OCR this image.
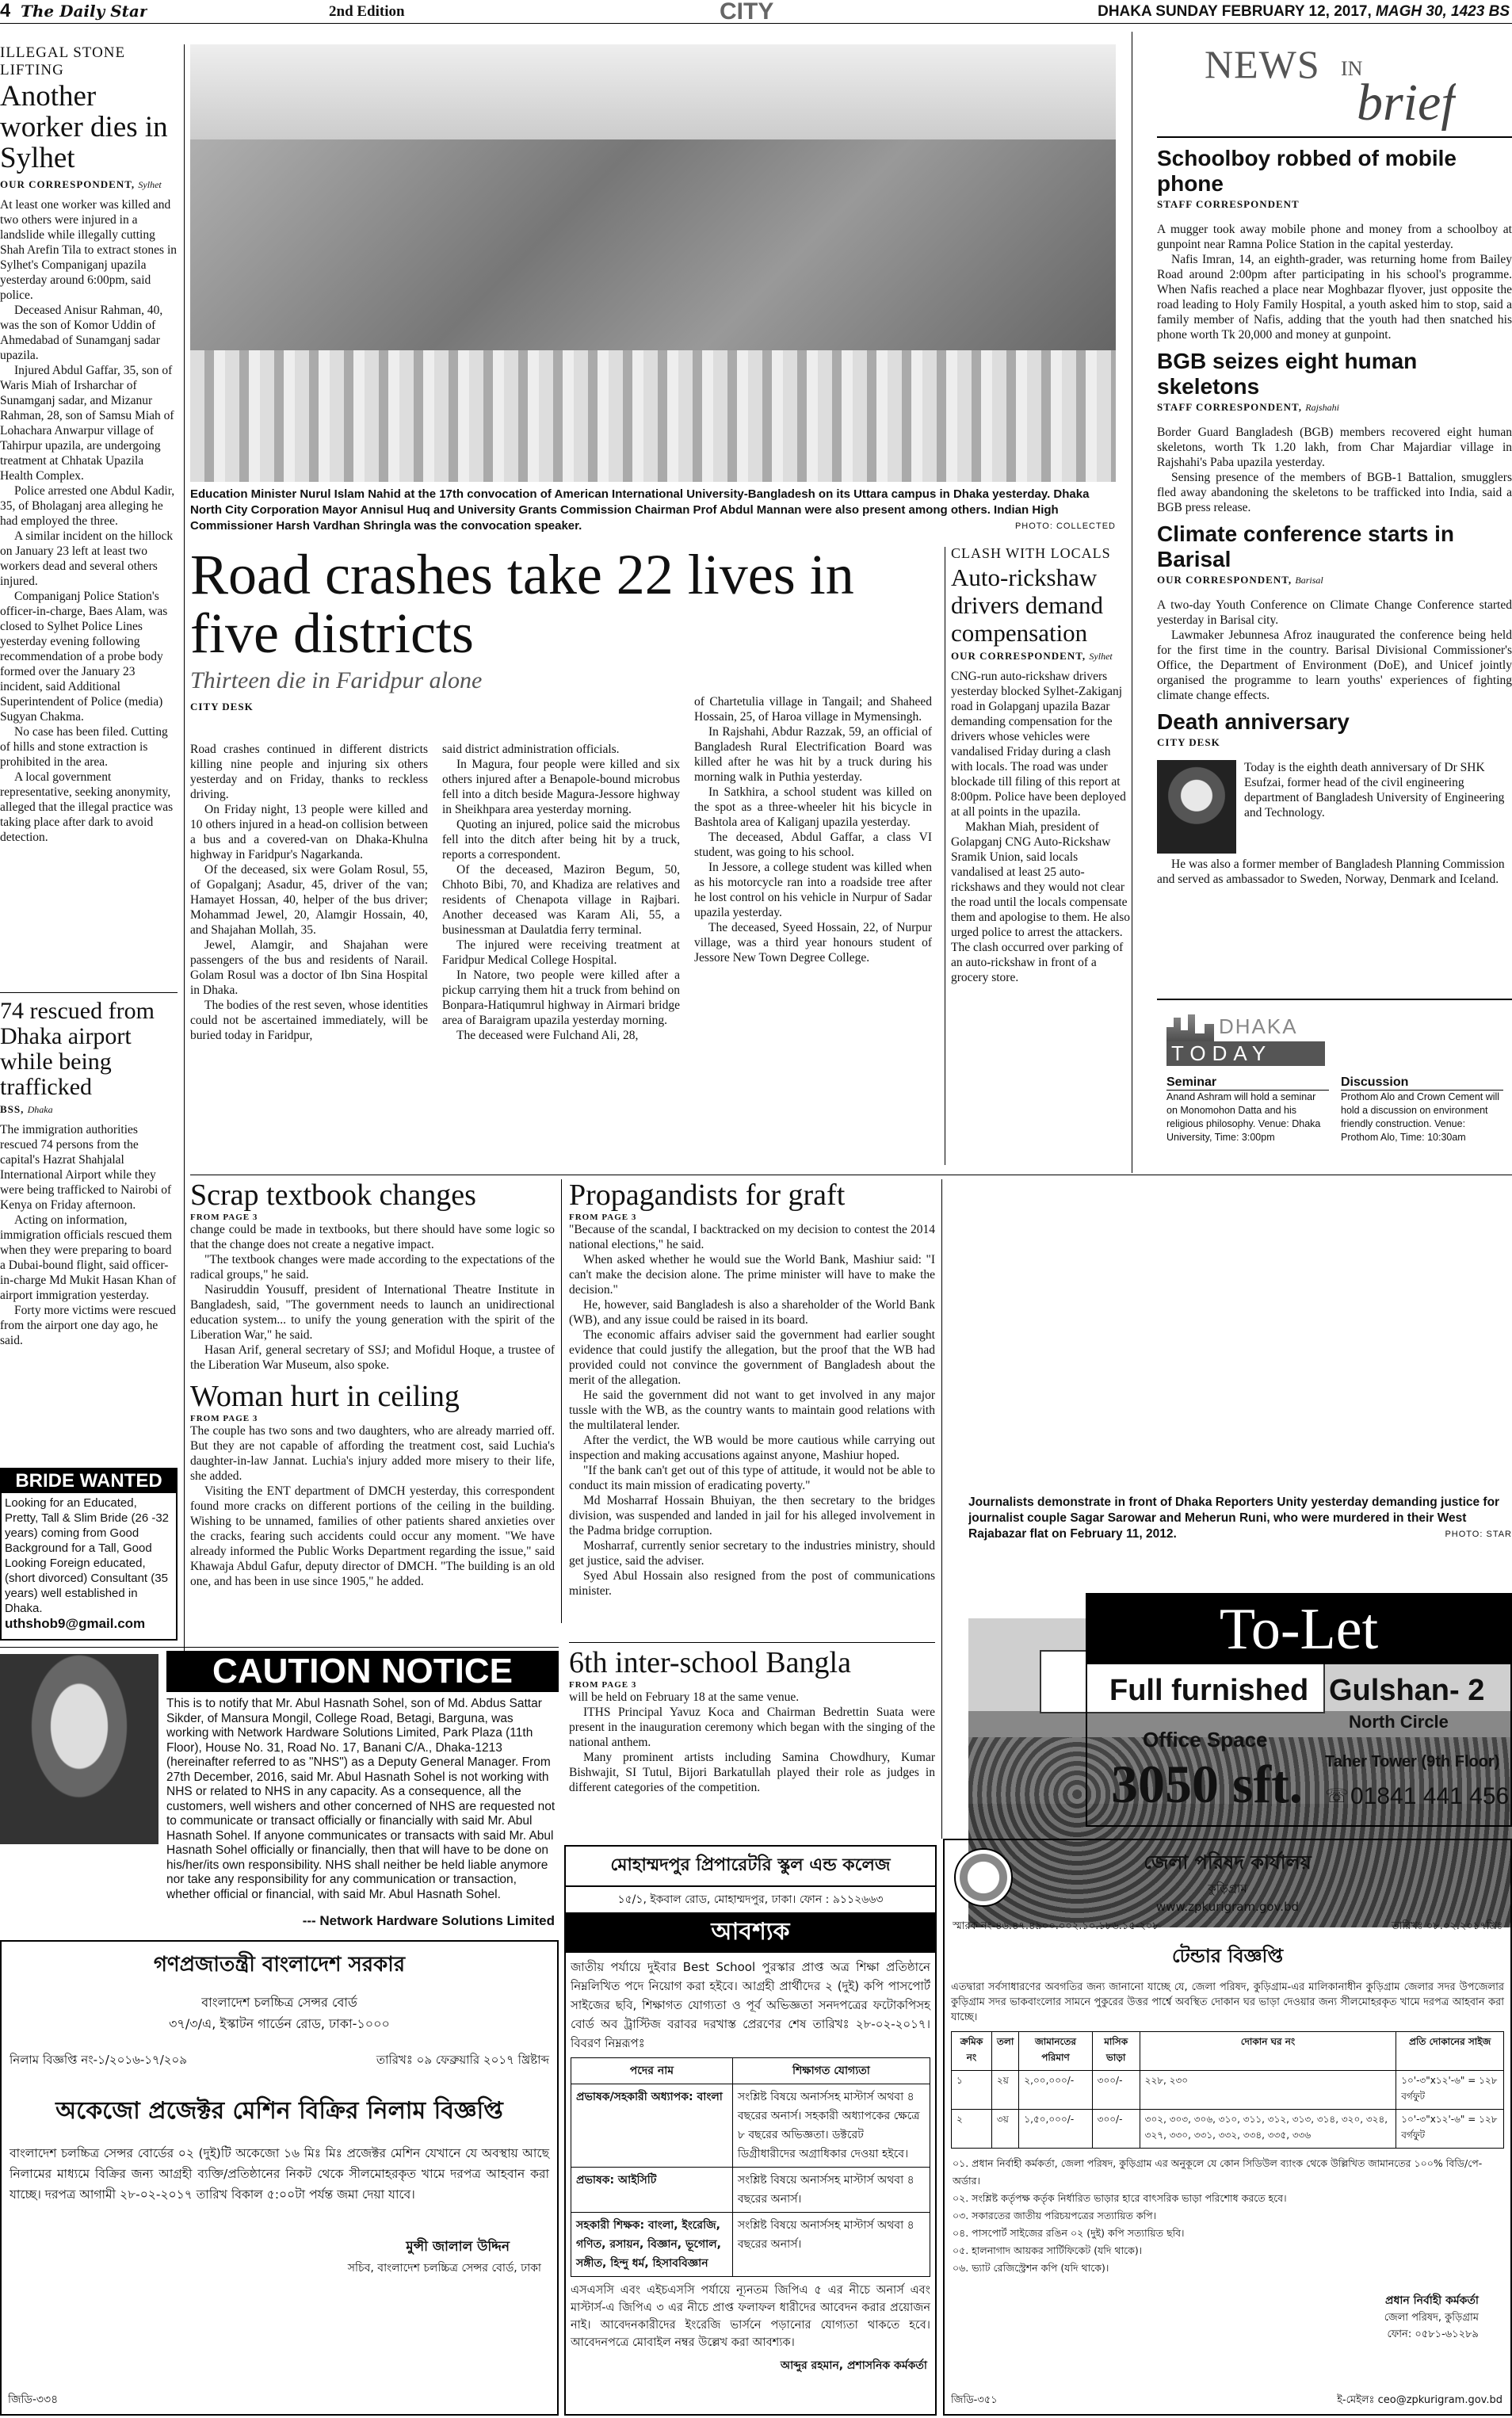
4 The Daily Star	2nd Edition	CITY	DHAKA SUNDAY FEBRUARY 12, 2017, MAGH 30, 1423 BS
ILLEGAL STONE LIFTING
Another worker dies in Sylhet
OUR CORRESPONDENT, Sylhet

At least one worker was killed and two others were injured in a landslide while illegally cutting Shah Arefin Tila to extract stones in Sylhet's Companiganj upazila yesterday around 6:00pm, said police.

Deceased Anisur Rahman, 40, was the son of Komor Uddin of Ahmedabad of Sunamganj sadar upazila.

Injured Abdul Gaffar, 35, son of Waris Miah of Irsharchar of Sunamganj sadar, and Mizanur Rahman, 28, son of Samsu Miah of Lohachara Anwarpur village of Tahirpur upazila, are undergoing treatment at Chhatak Upazila Health Complex.

Police arrested one Abdul Kadir, 35, of Bholaganj area alleging he had employed the three.

A similar incident on the hillock on January 23 left at least two workers dead and several others injured.

Companiganj Police Station's officer-in-charge, Baes Alam, was closed to Sylhet Police Lines yesterday evening following recommendation of a probe body formed over the January 23 incident, said Additional Superintendent of Police (media) Sugyan Chakma.

No case has been filed. Cutting of hills and stone extraction is prohibited in the area.

A local government representative, seeking anonymity, alleged that the illegal practice was taking place after dark to avoid detection.

74 rescued from Dhaka airport while being trafficked
BSS, Dhaka

The immigration authorities rescued 74 persons from the capital's Hazrat Shahjalal International Airport while they were being trafficked to Nairobi of Kenya on Friday afternoon.

Acting on information, immigration officials rescued them when they were preparing to board a Dubai-bound flight, said officer-in-charge Md Mukit Hasan Khan of airport immigration yesterday.

Forty more victims were rescued from the airport one day ago, he said.

BRIDE WANTED
Looking for an Educated, Pretty, Tall & Slim Bride (26 -32 years) coming from Good Background for a Tall, Good Looking Foreign educated, (short divorced) Consultant (35 years) well established in Dhaka.
uthshob9@gmail.com
Education Minister Nurul Islam Nahid at the 17th convocation of American International University-Bangladesh on its Uttara campus in Dhaka yesterday. Dhaka North City Corporation Mayor Annisul Huq and University Grants Commission Chairman Prof Abdul Mannan were also present among others. Indian High Commissioner Harsh Vardhan Shringla was the convocation speaker.	PHOTO: COLLECTED
Road crashes take 22 lives in five districts
Thirteen die in Faridpur alone
CITY DESK

Road crashes continued in different districts killing nine people and injuring six others yesterday and on Friday, thanks to reckless driving.

On Friday night, 13 people were killed and 10 others injured in a head-on collision between a bus and a covered-van on Dhaka-Khulna highway in Faridpur's Nagarkanda.

Of the deceased, six were Golam Rosul, 55, of Gopalganj; Asadur, 45, driver of the van; Hamayet Hossan, 40, helper of the bus driver; Mohammad Jewel, 20, Alamgir Hossain, 40, and Shajahan Mollah, 35.

Jewel, Alamgir, and Shajahan were passengers of the bus and residents of Narail. Golam Rosul was a doctor of Ibn Sina Hospital in Dhaka.

The bodies of the rest seven, whose identities could not be ascertained immediately, will be buried today in Faridpur,

said district administration officials.

In Magura, four people were killed and six others injured after a Benapole-bound microbus fell into a ditch beside Magura-Jessore highway in Sheikhpara area yesterday morning.

Quoting an injured, police said the microbus fell into the ditch after being hit by a truck, reports a correspondent.

Of the deceased, Maziron Begum, 50, Chhoto Bibi, 70, and Khadiza are relatives and residents of Chenapota village in Rajbari. Another deceased was Karam Ali, 55, a businessman at Daulatdia ferry terminal.

The injured were receiving treatment at Faridpur Medical College Hospital.

In Natore, two people were killed after a pickup carrying them hit a truck from behind on Bonpara-Hatiqumrul highway in Airmari bridge area of Baraigram upazila yesterday morning.

The deceased were Fulchand Ali, 28,

of Chartetulia village in Tangail; and Shaheed Hossain, 25, of Haroa village in Mymensingh.

In Rajshahi, Abdur Razzak, 59, an official of Bangladesh Rural Electrification Board was killed after he was hit by a truck during his morning walk in Puthia yesterday.

In Satkhira, a school student was killed on the spot as a three-wheeler hit his bicycle in Bashtola area of Kaliganj upazila yesterday.

The deceased, Abdul Gaffar, a class VI student, was going to his school.

In Jessore, a college student was killed when as his motorcycle ran into a roadside tree after he lost control on his vehicle in Nurpur of Sadar upazila yesterday.

The deceased, Syeed Hossain, 22, of Nurpur village, was a third year honours student of Jessore New Town Degree College.

CLASH WITH LOCALS
Auto-rickshaw drivers demand compensation
OUR CORRESPONDENT, Sylhet

CNG-run auto-rickshaw drivers yesterday blocked Sylhet-Zakiganj road in Golapganj upazila Bazar demanding compensation for the drivers whose vehicles were vandalised Friday during a clash with locals. The road was under blockade till filing of this report at 8:00pm. Police have been deployed at all points in the upazila.

Makhan Miah, president of Golapganj CNG Auto-Rickshaw Sramik Union, said locals vandalised at least 25 auto-rickshaws and they would not clear the road until the locals compensate them and apologise to them. He also urged police to arrest the attackers. The clash occurred over parking of an auto-rickshaw in front of a grocery store.

NEWS IN
brief
Schoolboy robbed of mobile phone
STAFF CORRESPONDENT

A mugger took away mobile phone and money from a schoolboy at gunpoint near Ramna Police Station in the capital yesterday.

Nafis Imran, 14, an eighth-grader, was returning home from Bailey Road around 2:00pm after participating in his school's programme. When Nafis reached a place near Moghbazar flyover, just opposite the road leading to Holy Family Hospital, a youth asked him to stop, said a family member of Nafis, adding that the youth had then snatched his phone worth Tk 20,000 and money at gunpoint.

BGB seizes eight human skeletons
STAFF CORRESPONDENT, Rajshahi

Border Guard Bangladesh (BGB) members recovered eight human skeletons, worth Tk 1.20 lakh, from Char Majardiar village in Rajshahi's Paba upazila yesterday.

Sensing presence of the members of BGB-1 Battalion, smugglers fled away abandoning the skeletons to be trafficked into India, said a BGB press release.

Climate conference starts in Barisal
OUR CORRESPONDENT, Barisal

A two-day Youth Conference on Climate Change Conference started yesterday in Barisal city.

Lawmaker Jebunnesa Afroz inaugurated the conference being held for the first time in the country. Barisal Divisional Commissioner's Office, the Department of Environment (DoE), and Unicef jointly organised the programme to learn youths' experiences of fighting climate change effects.

Death anniversary
CITY DESK
Today is the eighth death anniversary of Dr SHK Esufzai, former head of the civil engineering department of Bangladesh University of Engineering and Technology.
He was also a former member of Bangladesh Planning Commission and served as ambassador to Sweden, Norway, Denmark and Iceland.
DHAKA
TODAY
Seminar
Anand Ashram will hold a seminar on Monomohon Datta and his religious philosophy. Venue: Dhaka University, Time: 3:00pm
Discussion
Prothom Alo and Crown Cement will hold a discussion on environment friendly construction. Venue: Prothom Alo, Time: 10:30am
Scrap textbook changes
FROM PAGE 3

change could be made in textbooks, but there should have some logic so that the change does not create a negative impact.

"The textbook changes were made according to the expectations of the radical groups," he said.

Nasiruddin Yousuff, president of International Theatre Institute in Bangladesh, said, "The government needs to launch an unidirectional education system... to unify the young generation with the spirit of the Liberation War," he said.

Hasan Arif, general secretary of SSJ; and Mofidul Hoque, a trustee of the Liberation War Museum, also spoke.

Woman hurt in ceiling
FROM PAGE 3

The couple has two sons and two daughters, who are already married off. But they are not capable of affording the treatment cost, said Luchia's daughter-in-law Jannat. Luchia's injury added more misery to their life, she added.

Visiting the ENT department of DMCH yesterday, this correspondent found more cracks on different portions of the ceiling in the building. Wishing to be unnamed, families of other patients shared anxieties over the cracks, fearing such accidents could occur any moment. "We have already informed the Public Works Department regarding the issue," said Khawaja Abdul Gafur, deputy director of DMCH. "The building is an old one, and has been in use since 1905," he added.

Propagandists for graft
FROM PAGE 3

"Because of the scandal, I backtracked on my decision to contest the 2014 national elections," he said.

When asked whether he would sue the World Bank, Mashiur said: "I can't make the decision alone. The prime minister will have to make the decision."

He, however, said Bangladesh is also a shareholder of the World Bank (WB), and any issue could be raised in its board.

The economic affairs adviser said the government had earlier sought evidence that could justify the allegation, but the proof that the WB had provided could not convince the government of Bangladesh about the merit of the allegation.

He said the government did not want to get involved in any major tussle with the WB, as the country wants to maintain good relations with the multilateral lender.

After the verdict, the WB would be more cautious while carrying out inspection and making accusations against anyone, Mashiur hoped.

"If the bank can't get out of this type of attitude, it would not be able to conduct its main mission of eradicating poverty."

Md Mosharraf Hossain Bhuiyan, the then secretary to the bridges division, was suspended and landed in jail for his alleged involvement in the Padma bridge corruption.

Mosharraf, currently senior secretary to the industries ministry, should get justice, said the adviser.

Syed Abul Hossain also resigned from the post of communications minister.

6th inter-school Bangla
FROM PAGE 3

will be held on February 18 at the same venue.

ITHS Principal Yavuz Koca and Chairman Bedrettin Suata were present in the inauguration ceremony which began with the singing of the national anthem.

Many prominent artists including Samina Chowdhury, Kumar Bishwajit, SI Tutul, Bijori Barkatullah played their role as judges in different categories of the competition.

Journalists demonstrate in front of Dhaka Reporters Unity yesterday demanding justice for journalist couple Sagar Sarowar and Meherun Runi, who were murdered in their West Rajabazar flat on February 11, 2012.	PHOTO: STAR
To-Let
Full furnished Gulshan- 2
North Circle
Office Space
3050 sft. Taher Tower (9th Floor)
☏ 01841 441 456
CAUTION NOTICE
This is to notify that Mr. Abul Hasnath Sohel, son of Md. Abdus Sattar Sikder, of Mansura Mongil, College Road, Betagi, Barguna, was working with Network Hardware Solutions Limited, Park Plaza (11th Floor), House No. 31, Road No. 17, Banani C/A., Dhaka-1213 (hereinafter referred to as "NHS") as a Deputy General Manager. From 27th December, 2016, said Mr. Abul Hasnath Sohel is not working with NHS or related to NHS in any capacity. As a consequence, all the customers, well wishers and other concerned of NHS are requested not to communicate or transact officially or financially with said Mr. Abul Hasnath Sohel. If anyone communicates or transacts with said Mr. Abul Hasnath Sohel officially or financially, then that will have to be done on his/her/its own responsibility. NHS shall neither be held liable anymore nor take any responsibility for any communication or transaction, whether official or financial, with said Mr. Abul Hasnath Sohel.
--- Network Hardware Solutions Limited
গণপ্রজাতন্ত্রী বাংলাদেশ সরকার
বাংলাদেশ চলচ্চিত্র সেন্সর বোর্ড
৩৭/৩/এ, ইস্কাটন গার্ডেন রোড, ঢাকা-১০০০
নিলাম বিজ্ঞপ্তি নং-১/২০১৬-১৭/২০৯	তারিখঃ ০৯ ফেব্রুয়ারি ২০১৭ খ্রিষ্টাব্দ
অকেজো প্রজেক্টর মেশিন বিক্রির নিলাম বিজ্ঞপ্তি
বাংলাদেশ চলচ্চিত্র সেন্সর বোর্ডের ০২ (দুই)টি অকেজো ১৬ মিঃ মিঃ প্রজেক্টর মেশিন যেখানে যে অবস্থায় আছে নিলামের মাধ্যমে বিক্রির জন্য আগ্রহী ব্যক্তি/প্রতিষ্ঠানের নিকট থেকে সীলমোহরকৃত খামে দরপত্র আহবান করা যাচ্ছে। দরপত্র আগামী ২৮-০২-২০১৭ তারিখ বিকাল ৫:০০টা পর্যন্ত জমা দেয়া যাবে।
মুন্সী জালাল উদ্দিন
সচিব, বাংলাদেশ চলচ্চিত্র সেন্সর বোর্ড, ঢাকা
জিডি-৩৩৪
মোহাম্মদপুর প্রিপারেটরি স্কুল এন্ড কলেজ
১৫/১, ইকবাল রোড, মোহাম্মদপুর, ঢাকা। ফোন : ৯১১২৬৬৩
আবশ্যক
জাতীয় পর্যায়ে দুইবার Best School পুরস্কার প্রাপ্ত অত্র শিক্ষা প্রতিষ্ঠানে নিম্নলিখিত পদে নিয়োগ করা হইবে। আগ্রহী প্রার্থীদের ২ (দুই) কপি পাসপোর্ট সাইজের ছবি, শিক্ষাগত যোগ্যতা ও পূর্ব অভিজ্ঞতা সনদপত্রের ফটোকপিসহ বোর্ড অব ট্রাস্টিজ বরাবর দরখাস্ত প্রেরণের শেষ তারিখঃ ২৮-০২-২০১৭। বিবরণ নিম্নরূপঃ
পদের নাম	শিক্ষাগত যোগ্যতা
প্রভাষক/সহকারী অধ্যাপক: বাংলা	সংশ্লিষ্ট বিষয়ে অনার্সসহ মাস্টার্স অথবা ৪ বছরের অনার্স। সহকারী অধ্যাপকের ক্ষেত্রে ৮ বছরের অভিজ্ঞতা। ডক্টরেট ডিগ্রীধারীদের অগ্রাধিকার দেওয়া হইবে।
প্রভাষক: আইসিটি	সংশ্লিষ্ট বিষয়ে অনার্সসহ মাস্টার্স অথবা ৪ বছরের অনার্স।
সহকারী শিক্ষক: বাংলা, ইংরেজি, গণিত, রসায়ন, বিজ্ঞান, ভূগোল, সঙ্গীত, হিন্দু ধর্ম, হিসাববিজ্ঞান	সংশ্লিষ্ট বিষয়ে অনার্সসহ মাস্টার্স অথবা ৪ বছরের অনার্স।
এসএসসি এবং এইচএসসি পর্যায়ে ন্যূনতম জিপিএ ৫ এর নীচে অনার্স এবং মাস্টার্স-এ জিপিএ ৩ এর নীচে প্রাপ্ত ফলাফল ধারীদের আবেদন করার প্রয়োজন নাই। আবেদনকারীদের ইংরেজি ভার্সনে পড়ানোর যোগ্যতা থাকতে হবে। আবেদনপত্রে মোবাইল নম্বর উল্লেখ করা আবশ্যক।
আব্দুর রহমান, প্রশাসনিক কর্মকর্তা
জেলা পরিষদ কার্যালয়
কুড়িগ্রাম
www.zpkurigram.gov.bd
স্মারক নং-৪৬.৪৭.৪৯০০.০০২.১০.১৮৬.১৫-২০৮	তারিখঃ ০৮.০২.২০১৭খ্রিঃ
টেন্ডার বিজ্ঞপ্তি
এতদ্বারা সর্বসাধারণের অবগতির জন্য জানানো যাচ্ছে যে, জেলা পরিষদ, কুড়িগ্রাম-এর মালিকানাধীন কুড়িগ্রাম জেলার সদর উপজেলার কুড়িগ্রাম সদর ভাকবাংলোর সামনে পুকুরের উত্তর পার্শ্বে অবস্থিত দোকান ঘর ভাড়া দেওয়ার জন্য সীলমোহরকৃত খামে দরপত্র আহবান করা যাচ্ছে।
ক্রমিক নং	তলা	জামানতের পরিমাণ	মাসিক ভাড়া	দোকান ঘর নং	প্রতি দোকানের সাইজ
১	২য়	২,০০,০০০/-	৩০০/-	২২৮, ২৩০	১০'-৩"x১২'-৬" = ১২৮ বর্গফুট
২	৩য়	১,৫০,০০০/-	৩০০/-	৩০২, ৩০৩, ৩০৬, ৩১০, ৩১১, ৩১২, ৩১৩, ৩১৪, ৩২০, ৩২৪, ৩২৭, ৩৩০, ৩৩১, ৩৩২, ৩৩৪, ৩৩৫, ৩৩৬	১০'-৩"x১২'-৬" = ১২৮ বর্গফুট
০১. প্রধান নির্বাহী কর্মকর্তা, জেলা পরিষদ, কুড়িগ্রাম এর অনুকূলে যে কোন সিডিউল ব্যাংক থেকে উল্লিখিত জামানতের ১০০% বিডি/পে-অর্ডার।
০২. সংশ্লিষ্ট কর্তৃপক্ষ কর্তৃক নির্ধারিত ভাড়ার হারে বাৎসরিক ভাড়া পরিশোধ করতে হবে।
০৩. সকারতের জাতীয় পরিচয়পত্রের সত্যায়িত কপি।
০৪. পাসপোর্ট সাইজের রঙিন ০২ (দুই) কপি সত্যায়িত ছবি।
০৫. হালনাগাদ আয়কর সার্টিফিকেট (যদি থাকে)।
০৬. ভ্যাট রেজিস্ট্রেশন কপি (যদি থাকে)।
প্রধান নির্বাহী কর্মকর্তা
জেলা পরিষদ, কুড়িগ্রাম
ফোন: ০৫৮১-৬১২৮৯
জিডি-৩৫১	ই-মেইলঃ ceo@zpkurigram.gov.bd
